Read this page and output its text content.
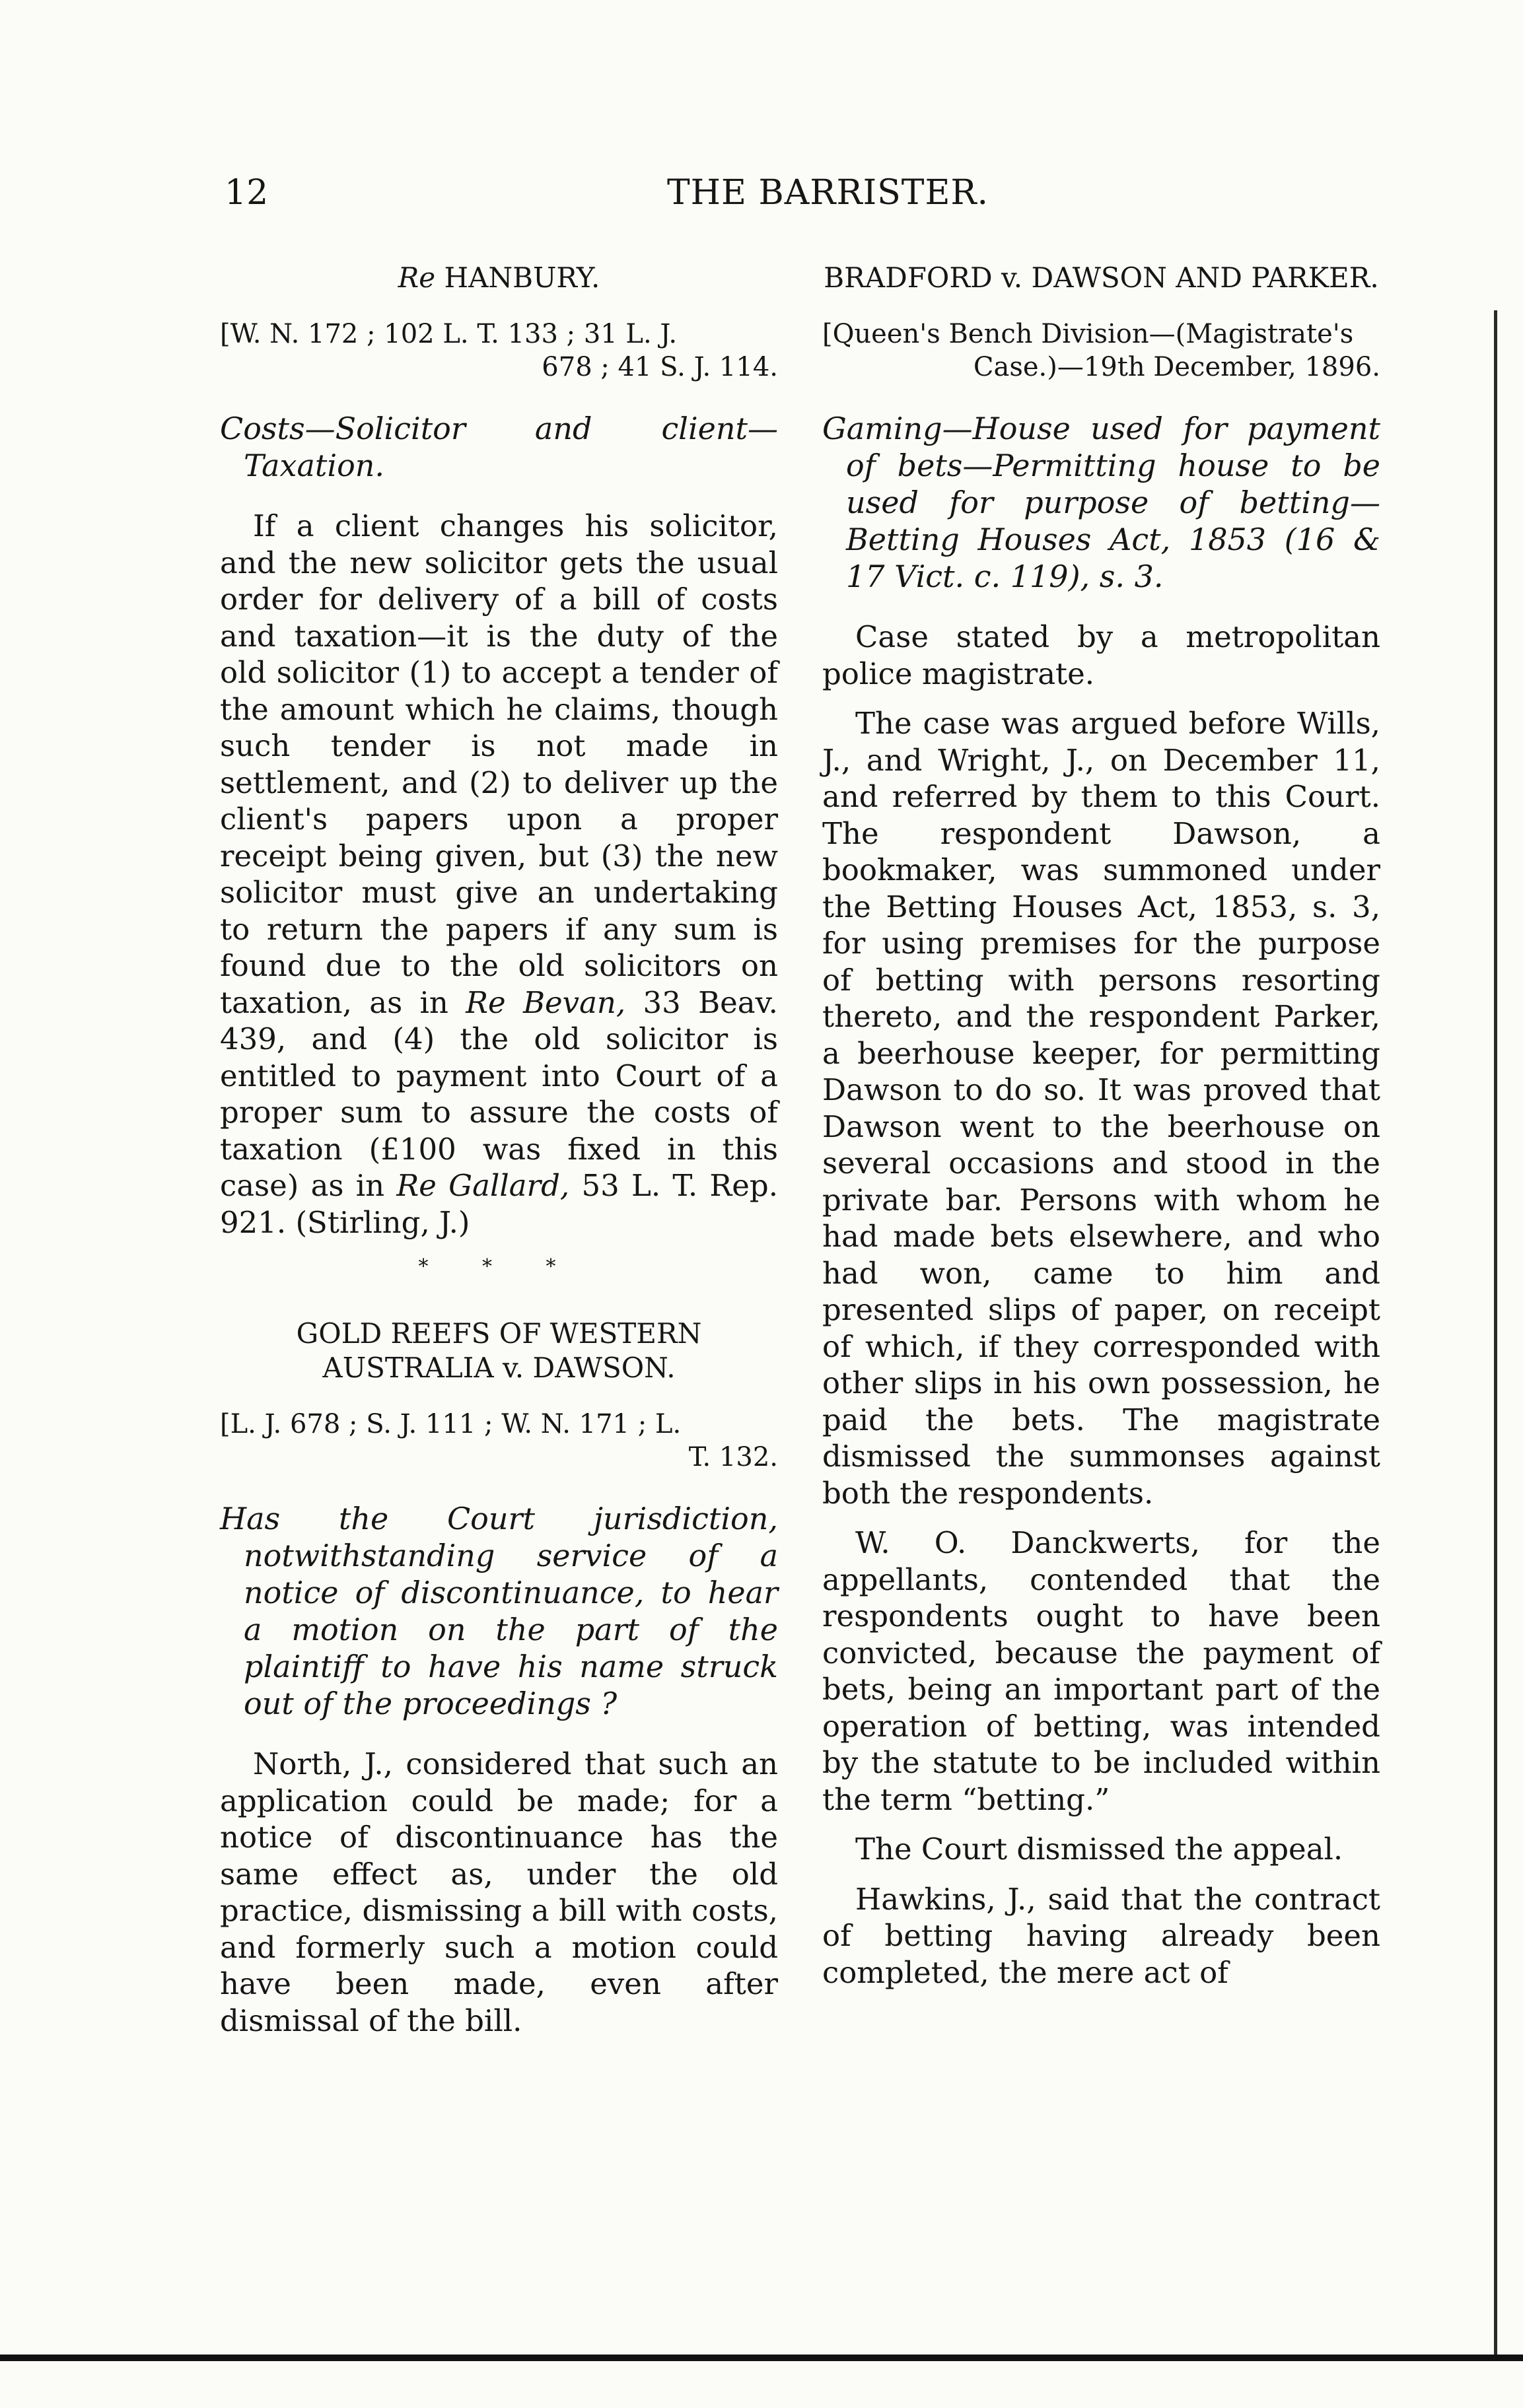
12	THE BARRISTER.
Re HANBURY.
[W. N. 172 ; 102 L. T. 133 ; 31 L. J.
678 ; 41 S. J. 114.
Costs—Solicitor and client—Taxation.
If a client changes his solicitor, and the new solicitor gets the usual order for delivery of a bill of costs and taxation—it is the duty of the old solicitor (1) to accept a tender of the amount which he claims, though such tender is not made in settlement, and (2) to deliver up the client's papers upon a proper receipt being given, but (3) the new solicitor must give an undertaking to return the papers if any sum is found due to the old solicitors on taxation, as in Re Bevan, 33 Beav. 439, and (4) the old solicitor is entitled to payment into Court of a proper sum to assure the costs of taxation (£100 was fixed in this case) as in Re Gallard, 53 L. T. Rep. 921. (Stirling, J.)
* * *
GOLD REEFS OF WESTERN AUSTRALIA v. DAWSON.
[L. J. 678 ; S. J. 111 ; W. N. 171 ; L.
T. 132.
Has the Court jurisdiction, notwithstanding service of a notice of discontinuance, to hear a motion on the part of the plaintiff to have his name struck out of the proceedings ?
North, J., considered that such an application could be made; for a notice of discontinuance has the same effect as, under the old practice, dismissing a bill with costs, and formerly such a motion could have been made, even after dismissal of the bill.
BRADFORD v. DAWSON AND PARKER.
[Queen's Bench Division—(Magistrate's
Case.)—19th December, 1896.
Gaming—House used for payment of bets—Permitting house to be used for purpose of betting—Betting Houses Act, 1853 (16 & 17 Vict. c. 119), s. 3.
Case stated by a metropolitan police magistrate.
The case was argued before Wills, J., and Wright, J., on December 11, and referred by them to this Court. The respondent Dawson, a bookmaker, was summoned under the Betting Houses Act, 1853, s. 3, for using premises for the purpose of betting with persons resorting thereto, and the respondent Parker, a beerhouse keeper, for permitting Dawson to do so. It was proved that Dawson went to the beerhouse on several occasions and stood in the private bar. Persons with whom he had made bets elsewhere, and who had won, came to him and presented slips of paper, on receipt of which, if they corresponded with other slips in his own possession, he paid the bets. The magistrate dismissed the summonses against both the respondents.
W. O. Danckwerts, for the appellants, contended that the respondents ought to have been convicted, because the payment of bets, being an important part of the operation of betting, was intended by the statute to be included within the term “betting.”
The Court dismissed the appeal.
Hawkins, J., said that the contract of betting having already been completed, the mere act of
